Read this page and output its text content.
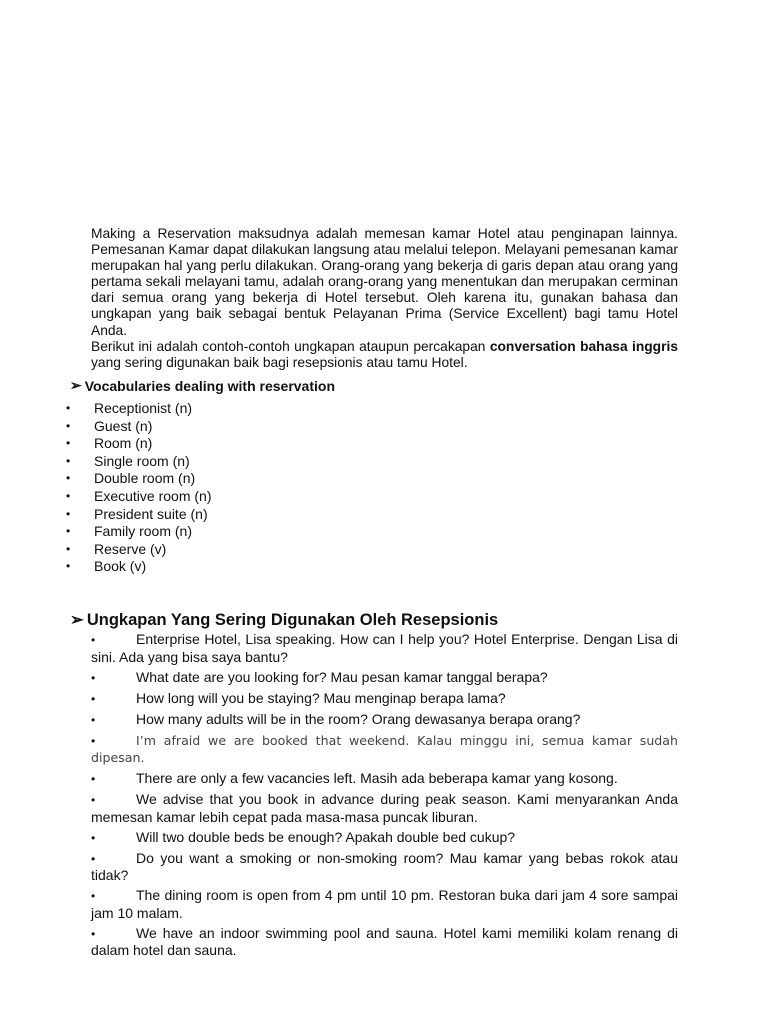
Making a Reservation maksudnya adalah memesan kamar Hotel atau penginapan lainnya. Pemesanan Kamar dapat dilakukan langsung atau melalui telepon. Melayani pemesanan kamar merupakan hal yang perlu dilakukan. Orang-orang yang bekerja di garis depan atau orang yang pertama sekali melayani tamu, adalah orang-orang yang menentukan dan merupakan cerminan dari semua orang yang bekerja di Hotel tersebut. Oleh karena itu, gunakan bahasa dan ungkapan yang baik sebagai bentuk Pelayanan Prima (Service Excellent) bagi tamu Hotel Anda.

Berikut ini adalah contoh-contoh ungkapan ataupun percakapan conversation bahasa inggris yang sering digunakan baik bagi resepsionis atau tamu Hotel.

➢ Vocabularies dealing with reservation
•	Receptionist (n)
•	Guest (n)
•	Room (n)
•	Single room (n)
•	Double room (n)
•	Executive room (n)
•	President suite (n)
•	Family room (n)
•	Reserve (v)
•	Book (v)
➢ Ungkapan Yang Sering Digunakan Oleh Resepsionis
•	Enterprise Hotel, Lisa speaking. How can I help you? Hotel Enterprise. Dengan Lisa di sini. Ada yang bisa saya bantu?
•	What date are you looking for? Mau pesan kamar tanggal berapa?
•	How long will you be staying? Mau menginap berapa lama?
•	How many adults will be in the room? Orang dewasanya berapa orang?
•	I’m afraid we are booked that weekend. Kalau minggu ini, semua kamar sudah dipesan.
•	There are only a few vacancies left. Masih ada beberapa kamar yang kosong.
•	We advise that you book in advance during peak season. Kami menyarankan Anda memesan kamar lebih cepat pada masa-masa puncak liburan.
•	Will two double beds be enough? Apakah double bed cukup?
•	Do you want a smoking or non-smoking room? Mau kamar yang bebas rokok atau tidak?
•	The dining room is open from 4 pm until 10 pm. Restoran buka dari jam 4 sore sampai jam 10 malam.
•	We have an indoor swimming pool and sauna. Hotel kami memiliki kolam renang di dalam hotel dan sauna.
